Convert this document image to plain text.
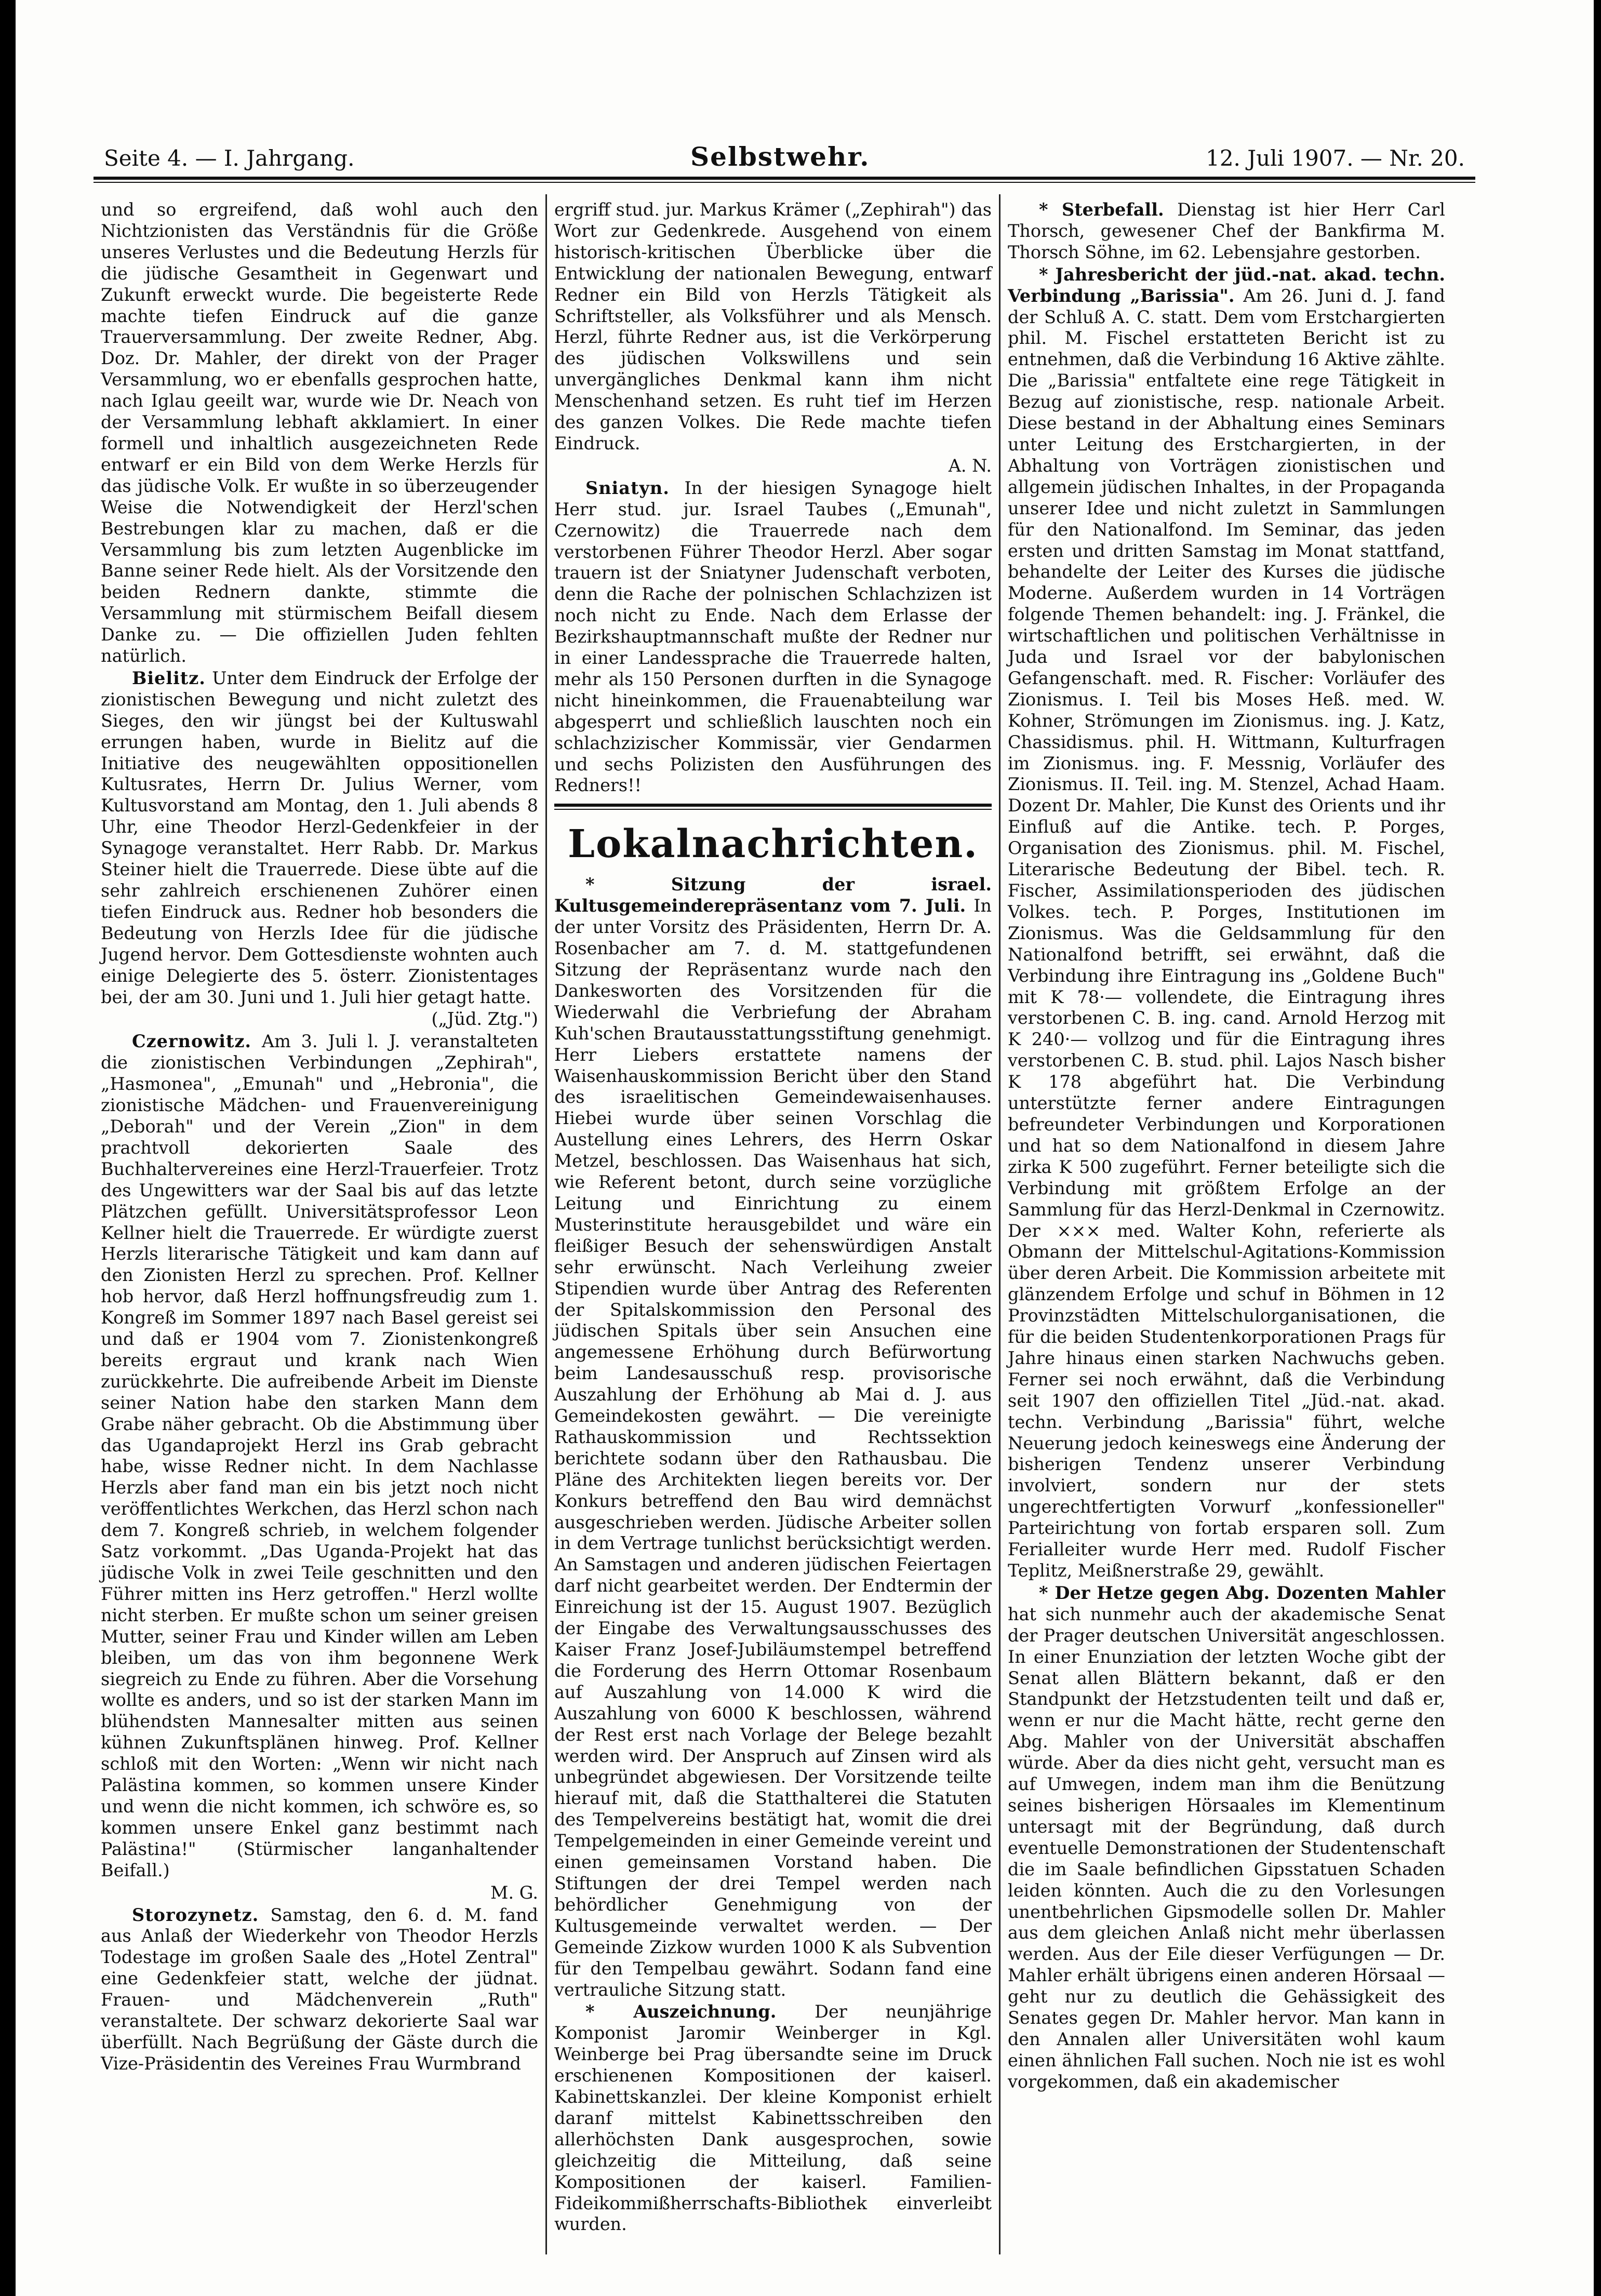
Seite 4. — I. Jahrgang.	Selbstwehr.	12. Juli 1907. — Nr. 20.

und so ergreifend, daß wohl auch den Nichtzionisten das Verständnis für die Größe unseres Verlustes und die Bedeutung Herzls für die jüdische Gesamtheit in Gegenwart und Zukunft erweckt wurde. Die begeisterte Rede machte tiefen Eindruck auf die ganze Trauerversammlung. Der zweite Redner, Abg. Doz. Dr. Mahler, der direkt von der Prager Versammlung, wo er ebenfalls gesprochen hatte, nach Iglau geeilt war, wurde wie Dr. Neach von der Versammlung lebhaft akklamiert. In einer formell und inhaltlich ausgezeichneten Rede entwarf er ein Bild von dem Werke Herzls für das jüdische Volk. Er wußte in so überzeugender Weise die Notwendigkeit der Herzl'schen Bestrebungen klar zu machen, daß er die Versammlung bis zum letzten Augenblicke im Banne seiner Rede hielt. Als der Vorsitzende den beiden Rednern dankte, stimmte die Versammlung mit stürmischem Beifall diesem Danke zu. — Die offiziellen Juden fehlten natürlich.

Bielitz. Unter dem Eindruck der Erfolge der zionistischen Bewegung und nicht zuletzt des Sieges, den wir jüngst bei der Kultuswahl errungen haben, wurde in Bielitz auf die Initiative des neugewählten oppositionellen Kultusrates, Herrn Dr. Julius Werner, vom Kultusvorstand am Montag, den 1. Juli abends 8 Uhr, eine Theodor Herzl-Gedenkfeier in der Synagoge veranstaltet. Herr Rabb. Dr. Markus Steiner hielt die Trauerrede. Diese übte auf die sehr zahlreich erschienenen Zuhörer einen tiefen Eindruck aus. Redner hob besonders die Bedeutung von Herzls Idee für die jüdische Jugend hervor. Dem Gottesdienste wohnten auch einige Delegierte des 5. österr. Zionistentages bei, der am 30. Juni und 1. Juli hier getagt hatte.

(„Jüd. Ztg.")

Czernowitz. Am 3. Juli l. J. veranstalteten die zionistischen Verbindungen „Zephirah", „Hasmonea", „Emunah" und „Hebronia", die zionistische Mädchen- und Frauenvereinigung „Deborah" und der Verein „Zion" in dem prachtvoll dekorierten Saale des Buchhaltervereines eine Herzl-Trauerfeier. Trotz des Ungewitters war der Saal bis auf das letzte Plätzchen gefüllt. Universitätsprofessor Leon Kellner hielt die Trauerrede. Er würdigte zuerst Herzls literarische Tätigkeit und kam dann auf den Zionisten Herzl zu sprechen. Prof. Kellner hob hervor, daß Herzl hoffnungsfreudig zum 1. Kongreß im Sommer 1897 nach Basel gereist sei und daß er 1904 vom 7. Zionistenkongreß bereits ergraut und krank nach Wien zurückkehrte. Die aufreibende Arbeit im Dienste seiner Nation habe den starken Mann dem Grabe näher gebracht. Ob die Abstimmung über das Ugandaprojekt Herzl ins Grab gebracht habe, wisse Redner nicht. In dem Nachlasse Herzls aber fand man ein bis jetzt noch nicht veröffentlichtes Werkchen, das Herzl schon nach dem 7. Kongreß schrieb, in welchem folgender Satz vorkommt. „Das Uganda-Projekt hat das jüdische Volk in zwei Teile geschnitten und den Führer mitten ins Herz getroffen." Herzl wollte nicht sterben. Er mußte schon um seiner greisen Mutter, seiner Frau und Kinder willen am Leben bleiben, um das von ihm begonnene Werk siegreich zu Ende zu führen. Aber die Vorsehung wollte es anders, und so ist der starken Mann im blühendsten Mannesalter mitten aus seinen kühnen Zukunftsplänen hinweg. Prof. Kellner schloß mit den Worten: „Wenn wir nicht nach Palästina kommen, so kommen unsere Kinder und wenn die nicht kommen, ich schwöre es, so kommen unsere Enkel ganz bestimmt nach Palästina!" (Stürmischer langanhaltender Beifall.)

M. G.

Storozynetz. Samstag, den 6. d. M. fand aus Anlaß der Wiederkehr von Theodor Herzls Todestage im großen Saale des „Hotel Zentral" eine Gedenkfeier statt, welche der jüdnat. Frauen- und Mädchenverein „Ruth" veranstaltete. Der schwarz dekorierte Saal war überfüllt. Nach Begrüßung der Gäste durch die Vize-Präsidentin des Vereines Frau Wurmbrand

ergriff stud. jur. Markus Krämer („Zephirah") das Wort zur Gedenkrede. Ausgehend von einem historisch-kritischen Überblicke über die Entwicklung der nationalen Bewegung, entwarf Redner ein Bild von Herzls Tätigkeit als Schriftsteller, als Volksführer und als Mensch. Herzl, führte Redner aus, ist die Verkörperung des jüdischen Volkswillens und sein unvergängliches Denkmal kann ihm nicht Menschenhand setzen. Es ruht tief im Herzen des ganzen Volkes. Die Rede machte tiefen Eindruck.

A. N.

Sniatyn. In der hiesigen Synagoge hielt Herr stud. jur. Israel Taubes („Emunah", Czernowitz) die Trauerrede nach dem verstorbenen Führer Theodor Herzl. Aber sogar trauern ist der Sniatyner Judenschaft verboten, denn die Rache der polnischen Schlachzizen ist noch nicht zu Ende. Nach dem Erlasse der Bezirkshauptmannschaft mußte der Redner nur in einer Landessprache die Trauerrede halten, mehr als 150 Personen durften in die Synagoge nicht hineinkommen, die Frauenabteilung war abgesperrt und schließlich lauschten noch ein schlachzizischer Kommissär, vier Gendarmen und sechs Polizisten den Ausführungen des Redners!!

Lokalnachrichten.

* Sitzung der israel. Kultusgemeinderepräsentanz vom 7. Juli. In der unter Vorsitz des Präsidenten, Herrn Dr. A. Rosenbacher am 7. d. M. stattgefundenen Sitzung der Repräsentanz wurde nach den Dankesworten des Vorsitzenden für die Wiederwahl die Verbriefung der Abraham Kuh'schen Brautausstattungsstiftung genehmigt. Herr Liebers erstattete namens der Waisenhauskommission Bericht über den Stand des israelitischen Gemeindewaisenhauses. Hiebei wurde über seinen Vorschlag die Austellung eines Lehrers, des Herrn Oskar Metzel, beschlossen. Das Waisenhaus hat sich, wie Referent betont, durch seine vorzügliche Leitung und Einrichtung zu einem Musterinstitute herausgebildet und wäre ein fleißiger Besuch der sehenswürdigen Anstalt sehr erwünscht. Nach Verleihung zweier Stipendien wurde über Antrag des Referenten der Spitalskommission den Personal des jüdischen Spitals über sein Ansuchen eine angemessene Erhöhung durch Befürwortung beim Landesausschuß resp. provisorische Auszahlung der Erhöhung ab Mai d. J. aus Gemeindekosten gewährt. — Die vereinigte Rathauskommission und Rechtssektion berichtete sodann über den Rathausbau. Die Pläne des Architekten liegen bereits vor. Der Konkurs betreffend den Bau wird demnächst ausgeschrieben werden. Jüdische Arbeiter sollen in dem Vertrage tunlichst berücksichtigt werden. An Samstagen und anderen jüdischen Feiertagen darf nicht gearbeitet werden. Der Endtermin der Einreichung ist der 15. August 1907. Bezüglich der Eingabe des Verwaltungsausschusses des Kaiser Franz Josef-Jubiläumstempel betreffend die Forderung des Herrn Ottomar Rosenbaum auf Auszahlung von 14.000 K wird die Auszahlung von 6000 K beschlossen, während der Rest erst nach Vorlage der Belege bezahlt werden wird. Der Anspruch auf Zinsen wird als unbegründet abgewiesen. Der Vorsitzende teilte hierauf mit, daß die Statthalterei die Statuten des Tempelvereins bestätigt hat, womit die drei Tempelgemeinden in einer Gemeinde vereint und einen gemeinsamen Vorstand haben. Die Stiftungen der drei Tempel werden nach behördlicher Genehmigung von der Kultusgemeinde verwaltet werden. — Der Gemeinde Zizkow wurden 1000 K als Subvention für den Tempelbau gewährt. Sodann fand eine vertrauliche Sitzung statt.

* Auszeichnung. Der neunjährige Komponist Jaromir Weinberger in Kgl. Weinberge bei Prag übersandte seine im Druck erschienenen Kompositionen der kaiserl. Kabinettskanzlei. Der kleine Komponist erhielt daranf mittelst Kabinettsschreiben den allerhöchsten Dank ausgesprochen, sowie gleichzeitig die Mitteilung, daß seine Kompositionen der kaiserl. Familien-Fideikommißherrschafts-Bibliothek einverleibt wurden.

* Sterbefall. Dienstag ist hier Herr Carl Thorsch, gewesener Chef der Bankfirma M. Thorsch Söhne, im 62. Lebensjahre gestorben.

* Jahresbericht der jüd.-nat. akad. techn. Verbindung „Barissia". Am 26. Juni d. J. fand der Schluß A. C. statt. Dem vom Erstchargierten phil. M. Fischel erstatteten Bericht ist zu entnehmen, daß die Verbindung 16 Aktive zählte. Die „Barissia" entfaltete eine rege Tätigkeit in Bezug auf zionistische, resp. nationale Arbeit. Diese bestand in der Abhaltung eines Seminars unter Leitung des Erstchargierten, in der Abhaltung von Vorträgen zionistischen und allgemein jüdischen Inhaltes, in der Propaganda unserer Idee und nicht zuletzt in Sammlungen für den Nationalfond. Im Seminar, das jeden ersten und dritten Samstag im Monat stattfand, behandelte der Leiter des Kurses die jüdische Moderne. Außerdem wurden in 14 Vorträgen folgende Themen behandelt: ing. J. Fränkel, die wirtschaftlichen und politischen Verhältnisse in Juda und Israel vor der babylonischen Gefangenschaft. med. R. Fischer: Vorläufer des Zionismus. I. Teil bis Moses Heß. med. W. Kohner, Strömungen im Zionismus. ing. J. Katz, Chassidismus. phil. H. Wittmann, Kulturfragen im Zionismus. ing. F. Messnig, Vorläufer des Zionismus. II. Teil. ing. M. Stenzel, Achad Haam. Dozent Dr. Mahler, Die Kunst des Orients und ihr Einfluß auf die Antike. tech. P. Porges, Organisation des Zionismus. phil. M. Fischel, Literarische Bedeutung der Bibel. tech. R. Fischer, Assimilationsperioden des jüdischen Volkes. tech. P. Porges, Institutionen im Zionismus. Was die Geldsammlung für den Nationalfond betrifft, sei erwähnt, daß die Verbindung ihre Eintragung ins „Goldene Buch" mit K 78·— vollendete, die Eintragung ihres verstorbenen C. B. ing. cand. Arnold Herzog mit K 240·— vollzog und für die Eintragung ihres verstorbenen C. B. stud. phil. Lajos Nasch bisher K 178 abgeführt hat. Die Verbindung unterstützte ferner andere Eintragungen befreundeter Verbindungen und Korporationen und hat so dem Nationalfond in diesem Jahre zirka K 500 zugeführt. Ferner beteiligte sich die Verbindung mit größtem Erfolge an der Sammlung für das Herzl-Denkmal in Czernowitz. Der ××× med. Walter Kohn, referierte als Obmann der Mittelschul-Agitations-Kommission über deren Arbeit. Die Kommission arbeitete mit glänzendem Erfolge und schuf in Böhmen in 12 Provinzstädten Mittelschulorganisationen, die für die beiden Studentenkorporationen Prags für Jahre hinaus einen starken Nachwuchs geben. Ferner sei noch erwähnt, daß die Verbindung seit 1907 den offiziellen Titel „Jüd.-nat. akad. techn. Verbindung „Barissia" führt, welche Neuerung jedoch keineswegs eine Änderung der bisherigen Tendenz unserer Verbindung involviert, sondern nur der stets ungerechtfertigten Vorwurf „konfessioneller" Parteirichtung von fortab ersparen soll. Zum Ferialleiter wurde Herr med. Rudolf Fischer Teplitz, Meißnerstraße 29, gewählt.

* Der Hetze gegen Abg. Dozenten Mahler hat sich nunmehr auch der akademische Senat der Prager deutschen Universität angeschlossen. In einer Enunziation der letzten Woche gibt der Senat allen Blättern bekannt, daß er den Standpunkt der Hetzstudenten teilt und daß er, wenn er nur die Macht hätte, recht gerne den Abg. Mahler von der Universität abschaffen würde. Aber da dies nicht geht, versucht man es auf Umwegen, indem man ihm die Benützung seines bisherigen Hörsaales im Klementinum untersagt mit der Begründung, daß durch eventuelle Demonstrationen der Studentenschaft die im Saale befindlichen Gipsstatuen Schaden leiden könnten. Auch die zu den Vorlesungen unentbehrlichen Gipsmodelle sollen Dr. Mahler aus dem gleichen Anlaß nicht mehr überlassen werden. Aus der Eile dieser Verfügungen — Dr. Mahler erhält übrigens einen anderen Hörsaal — geht nur zu deutlich die Gehässigkeit des Senates gegen Dr. Mahler hervor. Man kann in den Annalen aller Universitäten wohl kaum einen ähnlichen Fall suchen. Noch nie ist es wohl vorgekommen, daß ein akademischer
